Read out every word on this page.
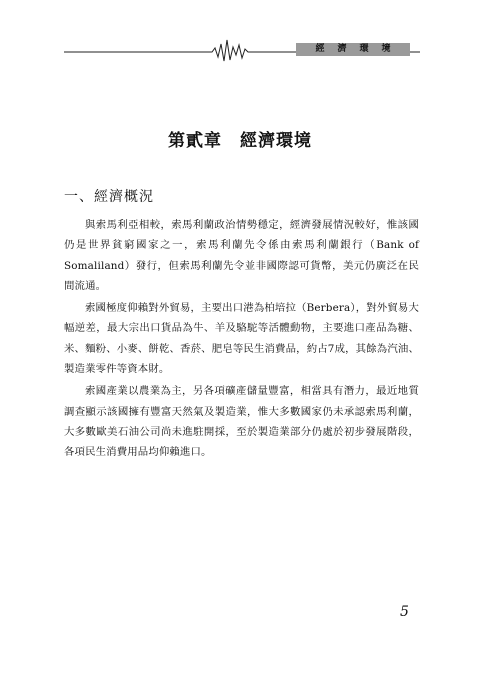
經濟環境
第貳章 經濟環境
一、經濟概況

與索馬利亞相較，索馬利蘭政治情勢穩定，經濟發展情況較好，惟該國仍是世界貧窮國家之一，索馬利蘭先令係由索馬利蘭銀行（Bank of Somaliland）發行，但索馬利蘭先令並非國際認可貨幣，美元仍廣泛在民間流通。

索國極度仰賴對外貿易，主要出口港為柏培拉（Berbera），對外貿易大幅逆差，最大宗出口貨品為牛、羊及駱駝等活體動物，主要進口產品為糖、米、麵粉、小麥、餅乾、香菸、肥皂等民生消費品，約占7成，其餘為汽油、製造業零件等資本財。

索國產業以農業為主，另各項礦產儲量豐富，相當具有潛力，最近地質調查顯示該國擁有豐富天然氣及製造業，惟大多數國家仍未承認索馬利蘭，大多數歐美石油公司尚未進駐開採，至於製造業部分仍處於初步發展階段，各項民生消費用品均仰賴進口。

5
